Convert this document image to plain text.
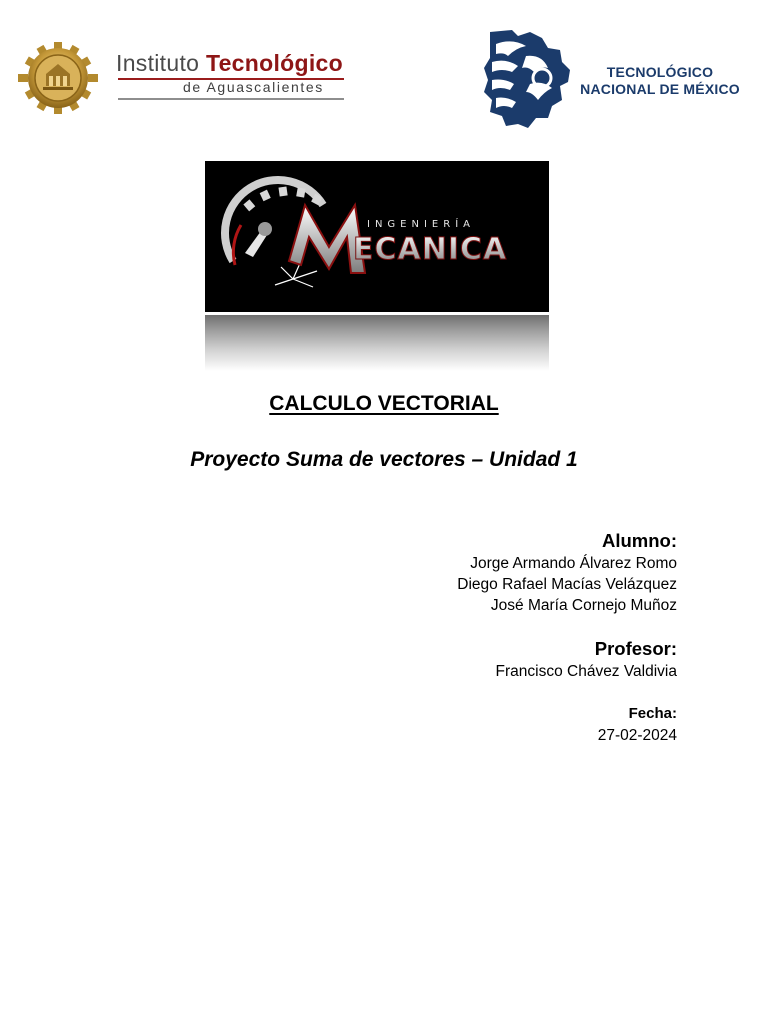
Instituto Tecnológico
de Aguascalientes
TECNOLÓGICO
NACIONAL DE MÉXICO
INGENIERÍA
ECANICA
CALCULO VECTORIAL
Proyecto Suma de vectores – Unidad 1
Alumno:
Jorge Armando Álvarez Romo
Diego Rafael Macías Velázquez
José María Cornejo Muñoz
Profesor:
Francisco Chávez Valdivia
Fecha:
27-02-2024
